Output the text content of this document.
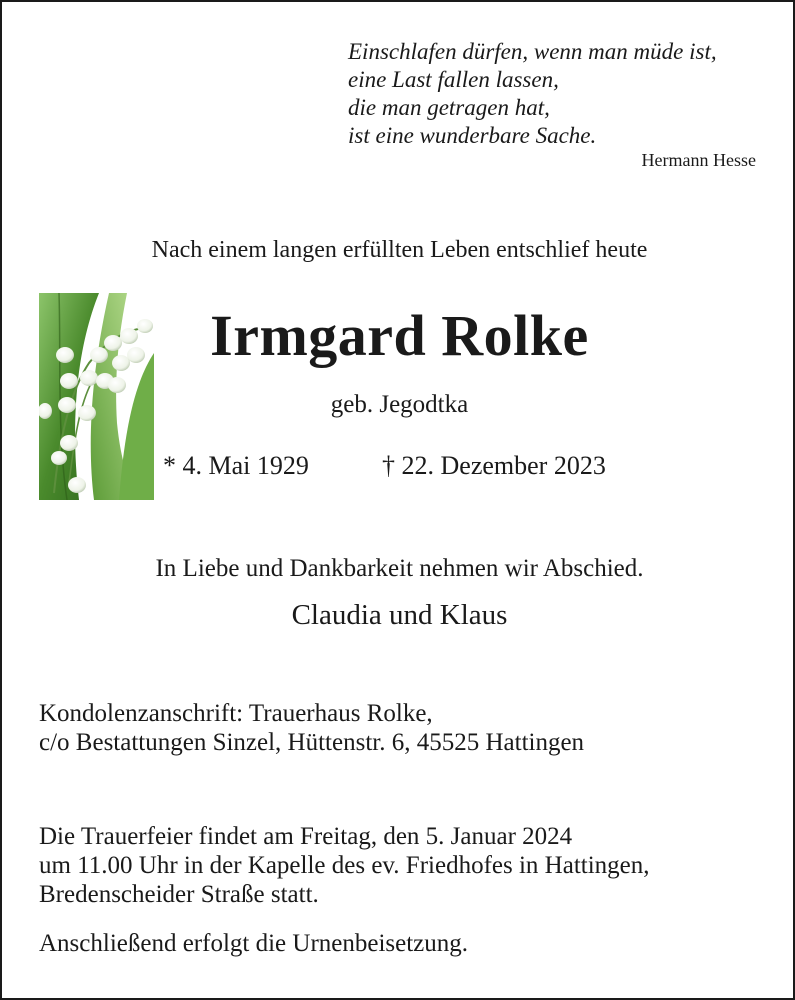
Einschlafen dürfen, wenn man müde ist,
eine Last fallen lassen,
die man getragen hat,
ist eine wunderbare Sache.
Hermann Hesse
Nach einem langen erfüllten Leben entschlief heute
Irmgard Rolke
geb. Jegodtka
* 4. Mai 1929	† 22. Dezember 2023
In Liebe und Dankbarkeit nehmen wir Abschied.
Claudia und Klaus
Kondolenzanschrift: Trauerhaus Rolke,
c/o Bestattungen Sinzel, Hüttenstr. 6, 45525 Hattingen
Die Trauerfeier findet am Freitag, den 5. Januar 2024
um 11.00 Uhr in der Kapelle des ev. Friedhofes in Hattingen,
Bredenscheider Straße statt.
Anschließend erfolgt die Urnenbeisetzung.
